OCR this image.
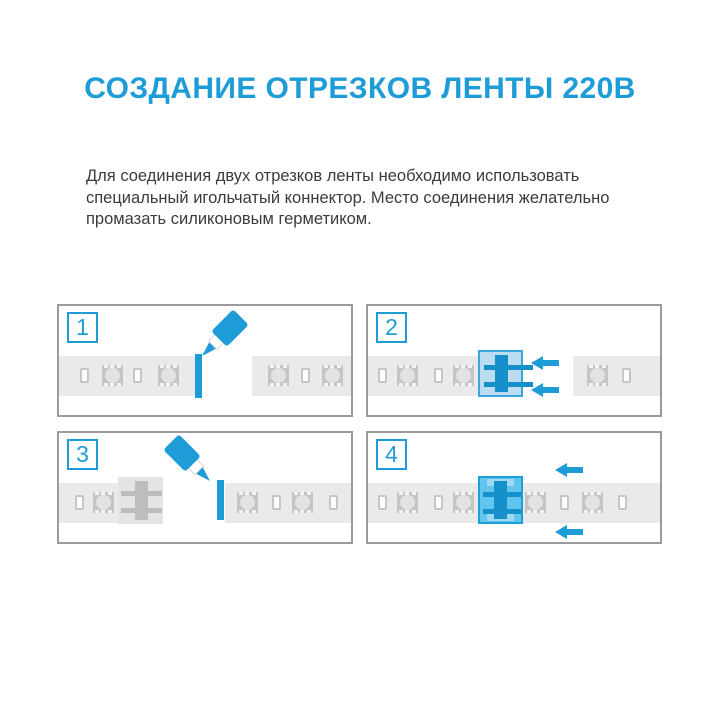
СОЗДАНИЕ ОТРЕЗКОВ ЛЕНТЫ 220В
Для соединения двух отрезков ленты необходимо использовать
специальный игольчатый коннектор. Место соединения желательно
промазать силиконовым герметиком.
1	2
3	4
